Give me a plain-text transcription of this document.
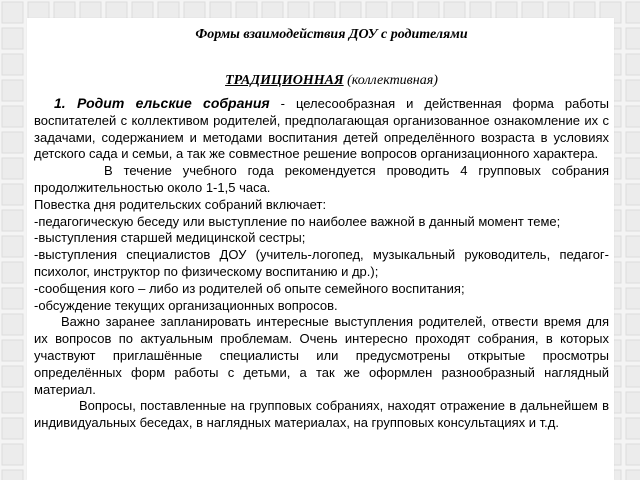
Формы взаимодействия ДОУ с родителями
ТРАДИЦИОННАЯ (коллективная)

1. Родит ельские собрания - целесообразная и действенная форма работы воспитателей с коллективом родителей, предполагающая организованное ознакомление их с задачами, содержанием и методами воспитания детей определённого возраста в условиях детского сада и семьи, а так же совместное решение вопросов организационного характера.

В течение учебного года рекомендуется проводить 4 групповых собрания продолжительностью около 1-1,5 часа.

Повестка дня родительских собраний включает:

-педагогическую беседу или выступление по наиболее важной в данный момент теме;

-выступления старшей медицинской сестры;

-выступления специалистов ДОУ (учитель-логопед, музыкальный руководитель, педагог-психолог, инструктор по физическому воспитанию и др.);

-сообщения кого – либо из родителей об опыте семейного воспитания;

-обсуждение текущих организационных вопросов.

Важно заранее запланировать интересные выступления родителей, отвести время для их вопросов по актуальным проблемам. Очень интересно проходят собрания, в которых участвуют приглашённые специалисты или предусмотрены открытые просмотры определённых форм работы с детьми, а так же оформлен разнообразный наглядный материал.

Вопросы, поставленные на групповых собраниях, находят отражение в дальнейшем в индивидуальных беседах, в наглядных материалах, на групповых консультациях и т.д.
